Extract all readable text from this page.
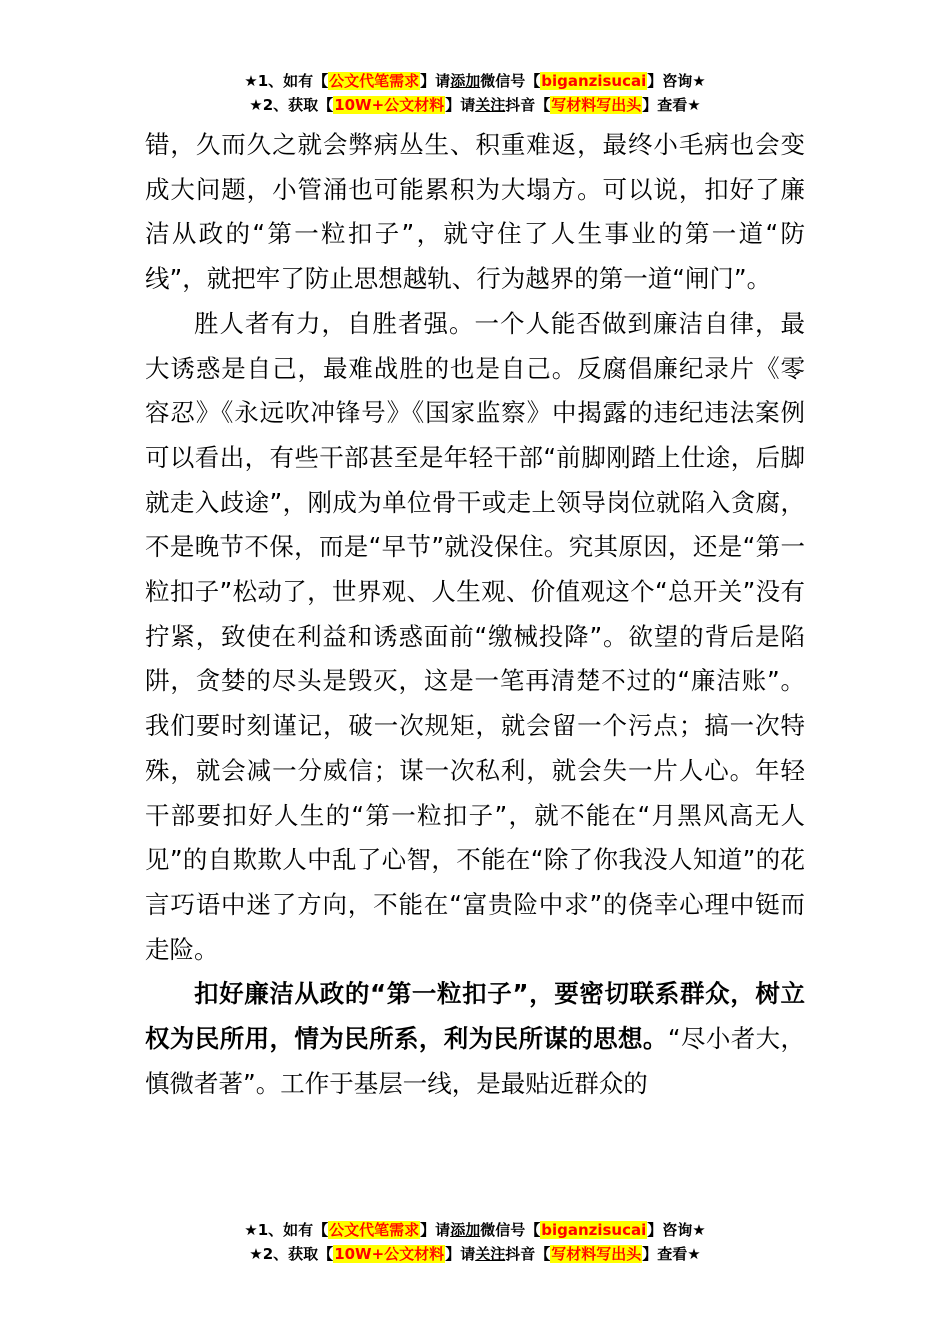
★1、如有【公文代笔需求】请添加微信号【biganzisucai】咨询★
★2、获取【10W+公文材料】请关注抖音【写材料写出头】查看★

错，久而久之就会弊病丛生、积重难返，最终小毛病也会变成大问题，小管涌也可能累积为大塌方。可以说，扣好了廉洁从政的“第一粒扣子”，就守住了人生事业的第一道“防线”，就把牢了防止思想越轨、行为越界的第一道“闸门”。

胜人者有力，自胜者强。一个人能否做到廉洁自律，最大诱惑是自己，最难战胜的也是自己。反腐倡廉纪录片《零容忍》《永远吹冲锋号》《国家监察》中揭露的违纪违法案例可以看出，有些干部甚至是年轻干部“前脚刚踏上仕途，后脚就走入歧途”，刚成为单位骨干或走上领导岗位就陷入贪腐，不是晚节不保，而是“早节”就没保住。究其原因，还是“第一粒扣子”松动了，世界观、人生观、价值观这个“总开关”没有拧紧，致使在利益和诱惑面前“缴械投降”。欲望的背后是陷阱，贪婪的尽头是毁灭，这是一笔再清楚不过的“廉洁账”。我们要时刻谨记，破一次规矩，就会留一个污点；搞一次特殊，就会减一分威信；谋一次私利，就会失一片人心。年轻干部要扣好人生的“第一粒扣子”，就不能在“月黑风高无人见”的自欺欺人中乱了心智，不能在“除了你我没人知道”的花言巧语中迷了方向，不能在“富贵险中求”的侥幸心理中铤而走险。

扣好廉洁从政的“第一粒扣子”，要密切联系群众，树立权为民所用，情为民所系，利为民所谋的思想。“尽小者大，慎微者著”。工作于基层一线，是最贴近群众的

★1、如有【公文代笔需求】请添加微信号【biganzisucai】咨询★
★2、获取【10W+公文材料】请关注抖音【写材料写出头】查看★
